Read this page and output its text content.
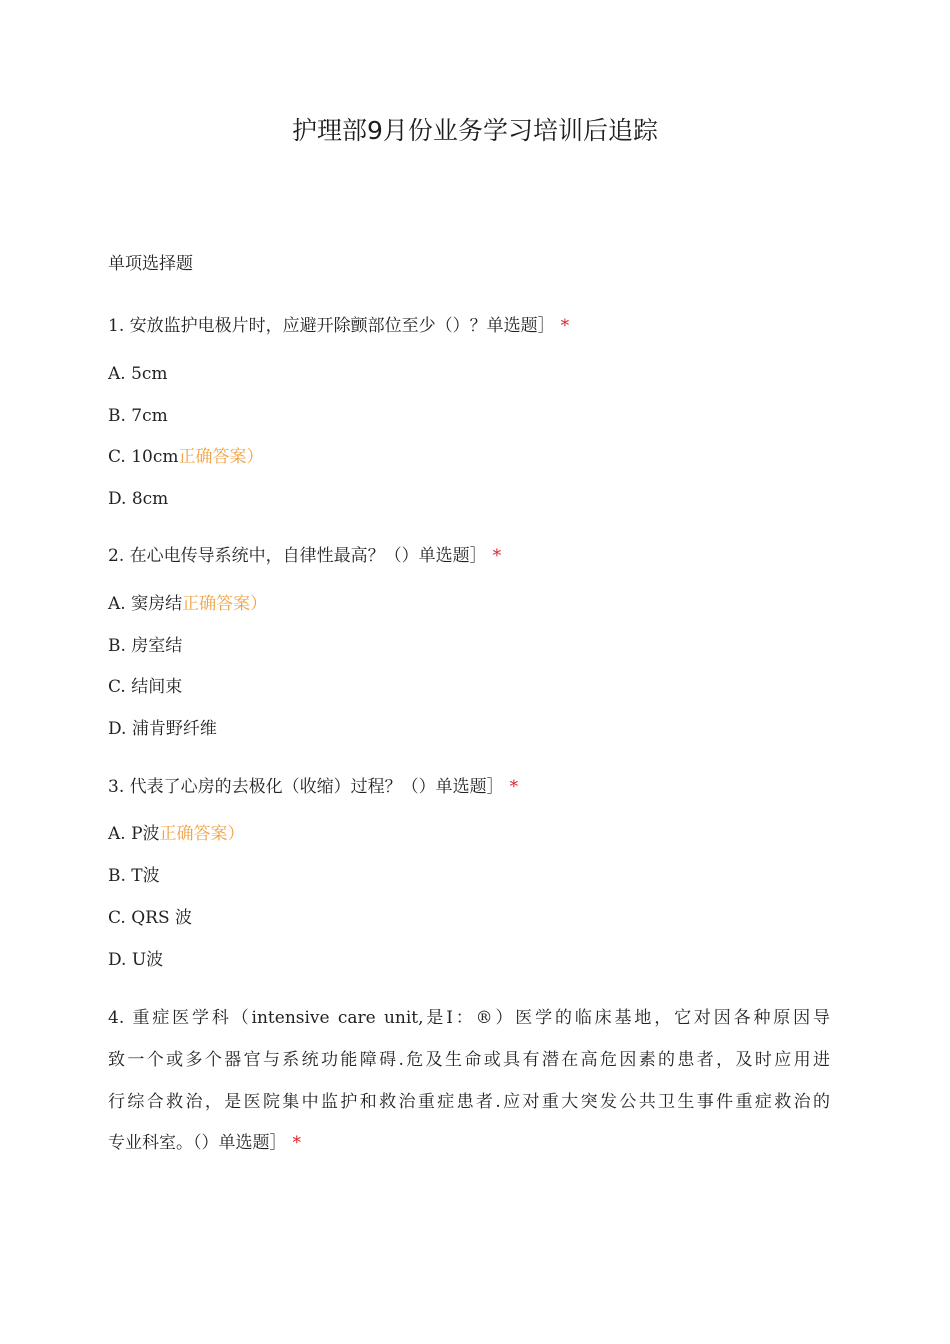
护理部9月份业务学习培训后追踪
单项选择题
1. 安放监护电极片时，应避开除颤部位至少（）？单选题］ *
A. 5cm
B. 7cm
C. 10cm正确答案）
D. 8cm
2. 在心电传导系统中，自律性最高？（）单选题］ *
A. 窦房结正确答案）
B. 房室结
C. 结间束
D. 浦肯野纤维
3. 代表了心房的去极化（收缩）过程？（）单选题］ *
A. P波正确答案）
B. T波
C. QRS 波
D. U波
4. 重症医学科（intensive care unit,是I：®）医学的临床基地，它对因各种原因导
致一个或多个器官与系统功能障碍.危及生命或具有潜在高危因素的患者，及时应用进
行综合救治，是医院集中监护和救治重症患者.应对重大突发公共卫生事件重症救治的
专业科室。（）单选题］ *
